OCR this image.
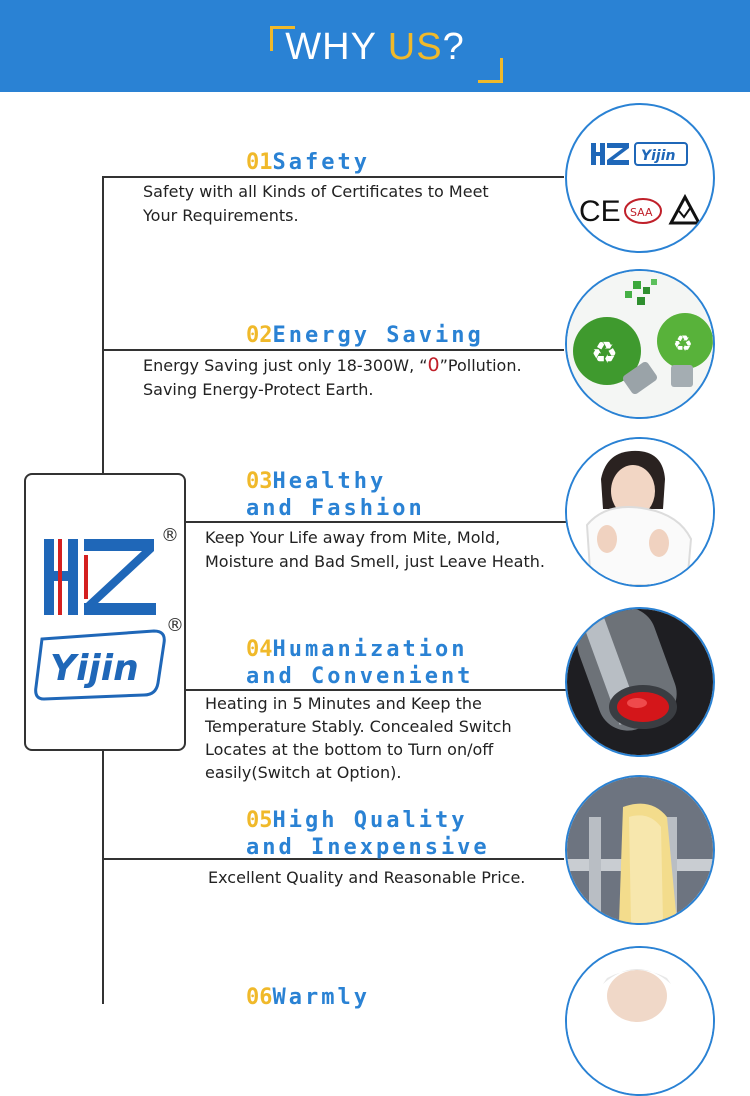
WHY US?
01Safety
Safety with all Kinds of Certificates to Meet
Your Requirements.
02Energy Saving
Energy Saving just only 18-300W, “0”Pollution.
Saving Energy-Protect Earth.
03Healthy
and Fashion
Keep Your Life away from Mite, Mold,
Moisture and Bad Smell, just Leave Heath.
04Humanization
and Convenient
Heating in 5 Minutes and Keep the
Temperature Stably. Concealed Switch
Locates at the bottom to Turn on/off
easily(Switch at Option).
05High Quality
and Inexpensive
Excellent Quality and Reasonable Price.
06Warmly
®
Yijin
®
Yijin
CE SAA
♻	♻
